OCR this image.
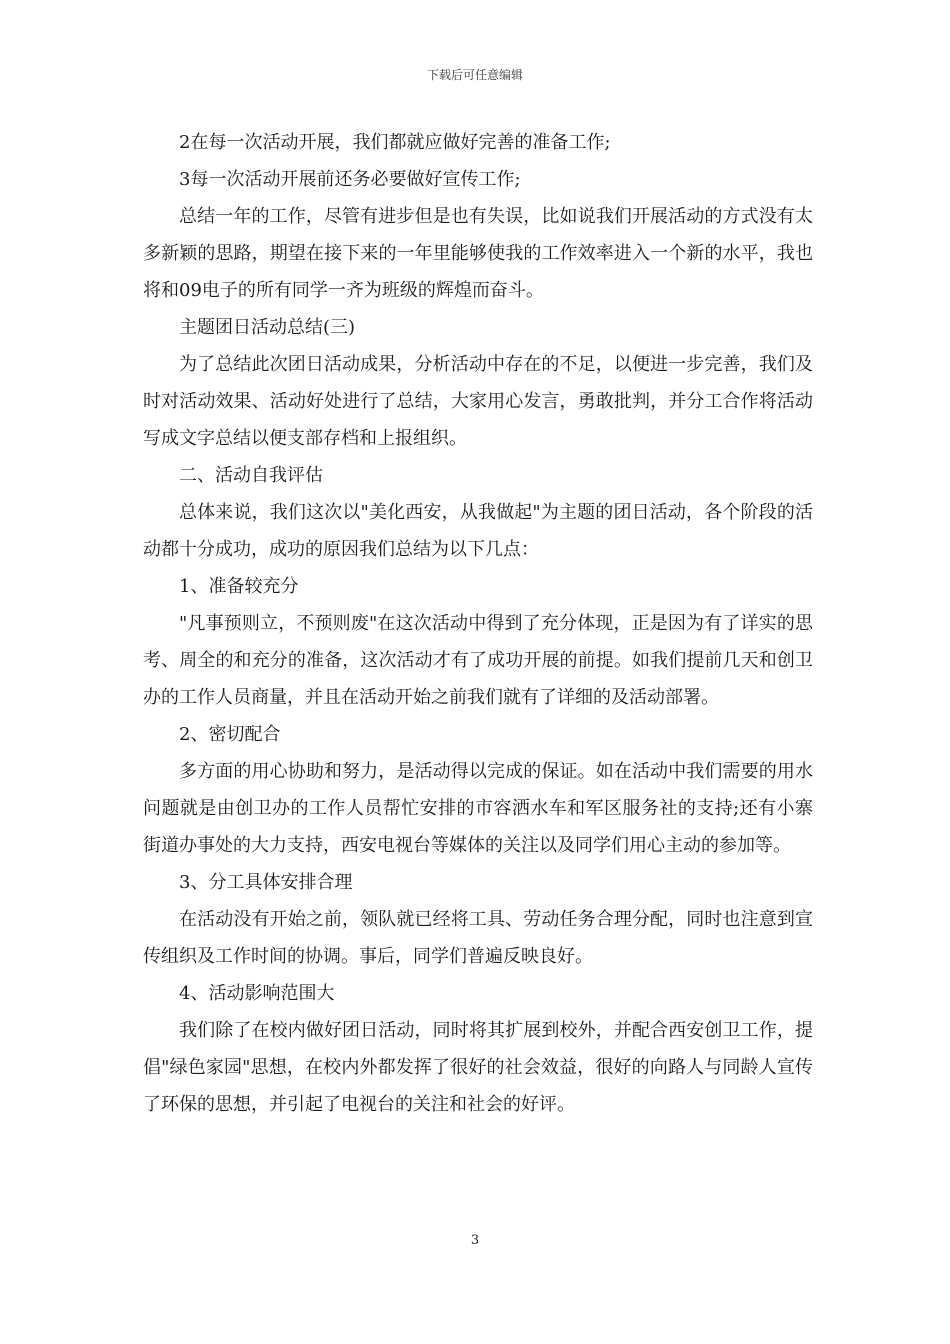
下载后可任意编辑

2在每一次活动开展，我们都就应做好完善的准备工作;

3每一次活动开展前还务必要做好宣传工作;

总结一年的工作，尽管有进步但是也有失误，比如说我们开展活动的方式没有太多新颖的思路，期望在接下来的一年里能够使我的工作效率进入一个新的水平，我也将和09电子的所有同学一齐为班级的辉煌而奋斗。

主题团日活动总结(三)

为了总结此次团日活动成果，分析活动中存在的不足，以便进一步完善，我们及时对活动效果、活动好处进行了总结，大家用心发言，勇敢批判，并分工合作将活动写成文字总结以便支部存档和上报组织。

二、活动自我评估

总体来说，我们这次以"美化西安，从我做起"为主题的团日活动，各个阶段的活动都十分成功，成功的原因我们总结为以下几点：

1、准备较充分

"凡事预则立，不预则废"在这次活动中得到了充分体现，正是因为有了详实的思考、周全的和充分的准备，这次活动才有了成功开展的前提。如我们提前几天和创卫办的工作人员商量，并且在活动开始之前我们就有了详细的及活动部署。

2、密切配合

多方面的用心协助和努力，是活动得以完成的保证。如在活动中我们需要的用水问题就是由创卫办的工作人员帮忙安排的市容洒水车和军区服务社的支持;还有小寨街道办事处的大力支持，西安电视台等媒体的关注以及同学们用心主动的参加等。

3、分工具体安排合理

在活动没有开始之前，领队就已经将工具、劳动任务合理分配，同时也注意到宣传组织及工作时间的协调。事后，同学们普遍反映良好。

4、活动影响范围大

我们除了在校内做好团日活动，同时将其扩展到校外，并配合西安创卫工作，提倡"绿色家园"思想，在校内外都发挥了很好的社会效益，很好的向路人与同龄人宣传了环保的思想，并引起了电视台的关注和社会的好评。

3
